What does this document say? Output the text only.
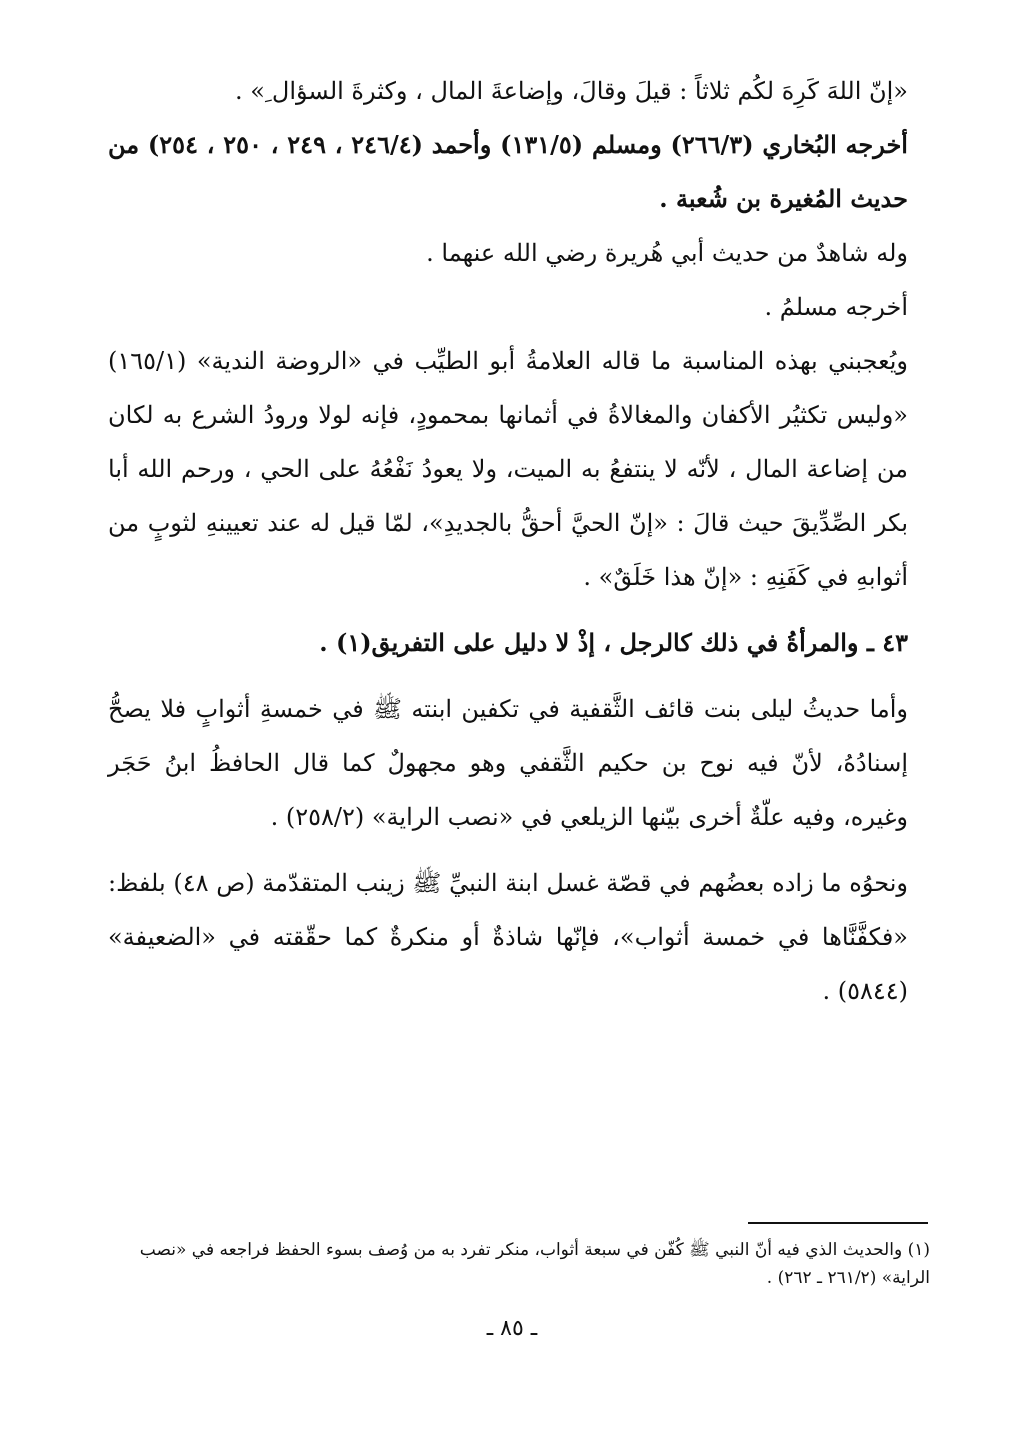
«إنّ اللهَ كَرِهَ لكُم ثلاثاً : قيلَ وقالَ، وإضاعةَ المال ، وكثرةَ السؤال ِ» .

أخرجه البُخاري (٢٦٦/٣) ومسلم (١٣١/٥) وأحمد (٢٤٦/٤ ، ٢٤٩ ، ٢٥٠ ، ٢٥٤) من حديث المُغيرة بن شُعبة .

وله شاهدٌ من حديث أبي هُريرة رضي الله عنهما .

أخرجه مسلمُ .

ويُعجبني بهذه المناسبة ما قاله العلامةُ أبو الطيِّب في «الروضة الندية» (١٦٥/١) «وليس تكثيُر الأكفان والمغالاةُ في أثمانها بمحمودٍ، فإنه لولا ورودُ الشرع به لكان من إضاعة المال ، لأنّه لا ينتفعُ به الميت، ولا يعودُ نَفْعُهُ على الحي ، ورحم الله أبا بكر الصِّدِّيقَ حيث قالَ : «إنّ الحيَّ أحقُّ بالجديدِ»، لمّا قيل له عند تعيينهِ لثوبٍ من أثوابهِ في كَفَنِهِ : «إنّ هذا خَلَقٌ» .

٤٣ ـ والمرأةُ في ذلك كالرجل ، إذْ لا دليل على التفريق(١) .

وأما حديثُ ليلى بنت قائف الثَّقفية في تكفين ابنته ﷺ في خمسةِ أثوابٍ فلا يصحُّ إسنادُهُ، لأنّ فيه نوح بن حكيم الثَّقفي وهو مجهولٌ كما قال الحافظُ ابنُ حَجَر وغيره، وفيه علّةٌ أخرى بيّنها الزيلعي في «نصب الراية» (٢٥٨/٢) .

ونحوُه ما زاده بعضُهم في قصّة غسل ابنة النبيِّ ﷺ زينب المتقدّمة (ص ٤٨) بلفظ: «فكفَّنَّاها في خمسة أثواب»، فإنّها شاذةٌ أو منكرةٌ كما حقّقته في «الضعيفة» (٥٨٤٤) .

(١) والحديث الذي فيه أنّ النبي ﷺ كُفّن في سبعة أثواب، منكر تفرد به من وُصف بسوء الحفظ فراجعه في «نصب الراية» (٢٦١/٢ ـ ٢٦٢) .

ـ ٨٥ ـ
